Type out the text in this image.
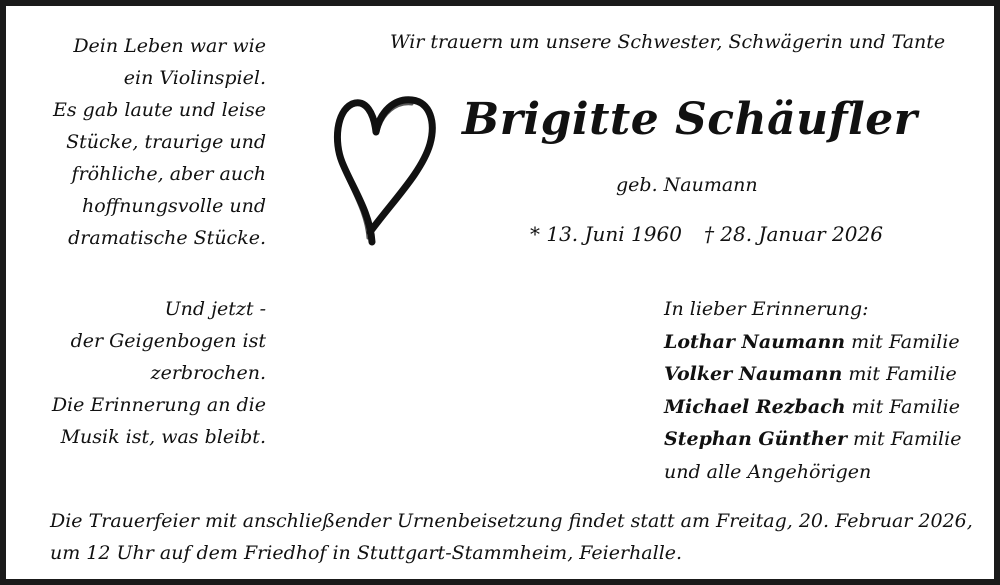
Dein Leben war wie
ein Violinspiel.
Es gab laute und leise
Stücke, traurige und
fröhliche, aber auch
hoffnungsvolle und
dramatische Stücke.
Wir trauern um unsere Schwester, Schwägerin und Tante
Brigitte Schäufler
geb. Naumann
* 13. Juni 1960 † 28. Januar 2026
Und jetzt -
der Geigenbogen ist
zerbrochen.
Die Erinnerung an die
Musik ist, was bleibt.
In lieber Erinnerung:
Lothar Naumann mit Familie
Volker Naumann mit Familie
Michael Rezbach mit Familie
Stephan Günther mit Familie
und alle Angehörigen
Die Trauerfeier mit anschließender Urnenbeisetzung findet statt am Freitag, 20. Februar 2026,
um 12 Uhr auf dem Friedhof in Stuttgart-Stammheim, Feierhalle.
